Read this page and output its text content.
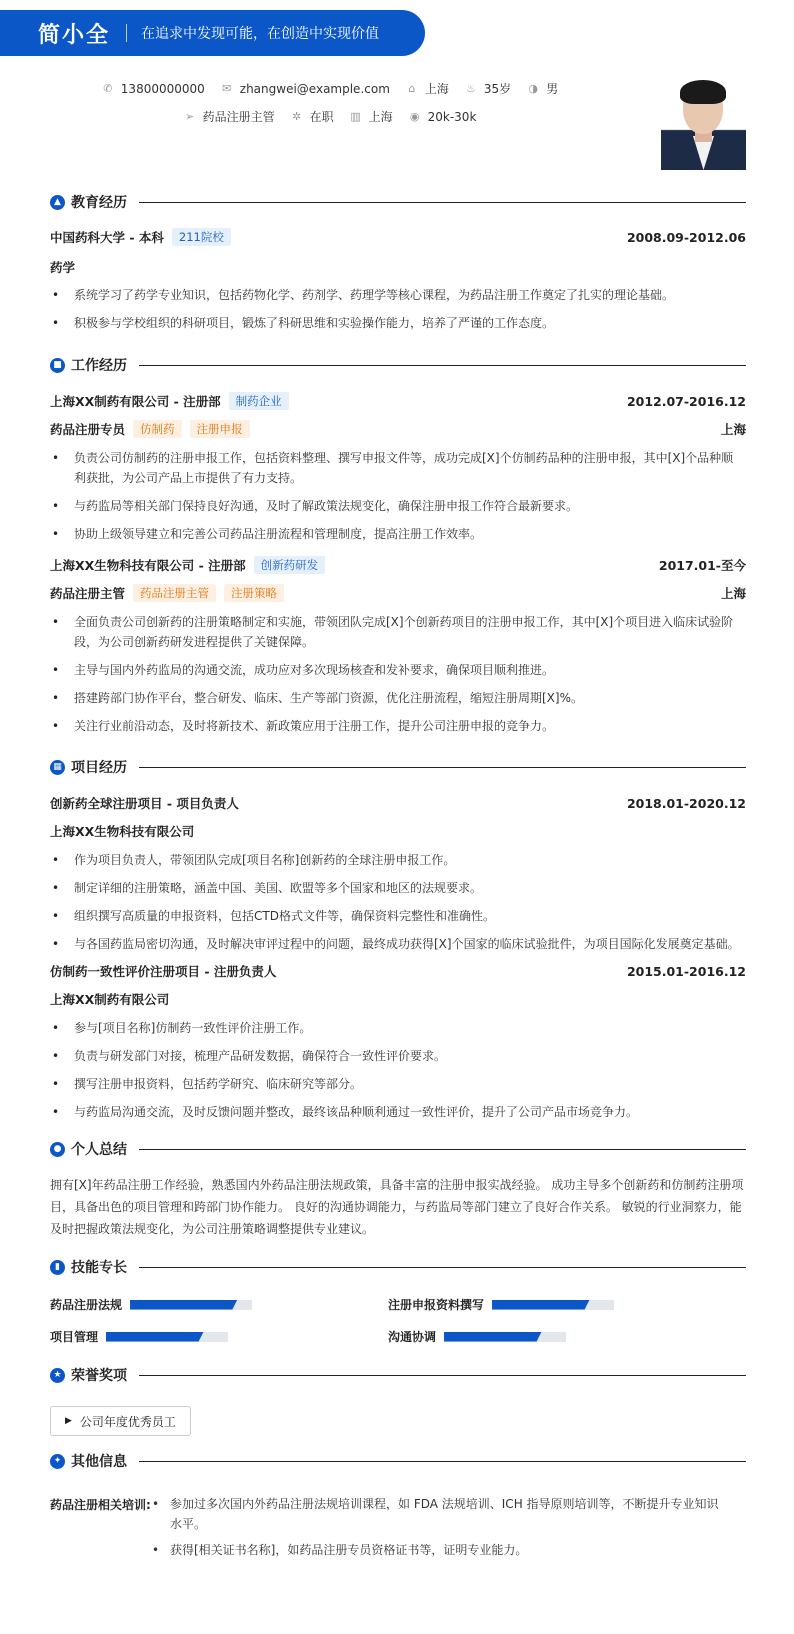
简小全 在追求中发现可能，在创造中实现价值
✆ 13800000000 ✉ zhangwei@example.com ⌂ 上海 ♨ 35岁 ◑ 男
➢ 药品注册主管 ✲ 在职 ▥ 上海 ◉ 20k-30k
▲ 教育经历
中国药科大学 - 本科	211院校	2008.09-2012.06
药学
• 系统学习了药学专业知识，包括药物化学、药剂学、药理学等核心课程，为药品注册工作奠定了扎实的理论基础。
• 积极参与学校组织的科研项目，锻炼了科研思维和实验操作能力，培养了严谨的工作态度。
■ 工作经历
上海XX制药有限公司 - 注册部	制药企业	2012.07-2016.12
药品注册专员	仿制药	注册申报	上海
• 负责公司仿制药的注册申报工作，包括资料整理、撰写申报文件等，成功完成[X]个仿制药品种的注册申报，其中[X]个品种顺利获批，为公司产品上市提供了有力支持。
• 与药监局等相关部门保持良好沟通，及时了解政策法规变化，确保注册申报工作符合最新要求。
• 协助上级领导建立和完善公司药品注册流程和管理制度，提高注册工作效率。
上海XX生物科技有限公司 - 注册部	创新药研发	2017.01-至今
药品注册主管	药品注册主管	注册策略	上海
• 全面负责公司创新药的注册策略制定和实施，带领团队完成[X]个创新药项目的注册申报工作，其中[X]个项目进入临床试验阶段，为公司创新药研发进程提供了关键保障。
• 主导与国内外药监局的沟通交流，成功应对多次现场核查和发补要求，确保项目顺利推进。
• 搭建跨部门协作平台，整合研发、临床、生产等部门资源，优化注册流程，缩短注册周期[X]%。
• 关注行业前沿动态，及时将新技术、新政策应用于注册工作，提升公司注册申报的竞争力。
▦ 项目经历
创新药全球注册项目 - 项目负责人	2018.01-2020.12
上海XX生物科技有限公司
• 作为项目负责人，带领团队完成[项目名称]创新药的全球注册申报工作。
• 制定详细的注册策略，涵盖中国、美国、欧盟等多个国家和地区的法规要求。
• 组织撰写高质量的申报资料，包括CTD格式文件等，确保资料完整性和准确性。
• 与各国药监局密切沟通，及时解决审评过程中的问题，最终成功获得[X]个国家的临床试验批件，为项目国际化发展奠定基础。
仿制药一致性评价注册项目 - 注册负责人	2015.01-2016.12
上海XX制药有限公司
• 参与[项目名称]仿制药一致性评价注册工作。
• 负责与研发部门对接，梳理产品研发数据，确保符合一致性评价要求。
• 撰写注册申报资料，包括药学研究、临床研究等部分。
• 与药监局沟通交流，及时反馈问题并整改，最终该品种顺利通过一致性评价，提升了公司产品市场竞争力。
● 个人总结
拥有[X]年药品注册工作经验，熟悉国内外药品注册法规政策，具备丰富的注册申报实战经验。 成功主导多个创新药和仿制药注册项目，具备出色的项目管理和跨部门协作能力。 良好的沟通协调能力，与药监局等部门建立了良好合作关系。 敏锐的行业洞察力，能及时把握政策法规变化，为公司注册策略调整提供专业建议。
▮ 技能专长
药品注册法规	注册申报资料撰写
项目管理	沟通协调
★ 荣誉奖项
▶ 公司年度优秀员工
✦ 其他信息
药品注册相关培训:
•	参加过多次国内外药品注册法规培训课程，如 FDA 法规培训、ICH 指导原则培训等，不断提升专业知识水平。
• 获得[相关证书名称]，如药品注册专员资格证书等，证明专业能力。
